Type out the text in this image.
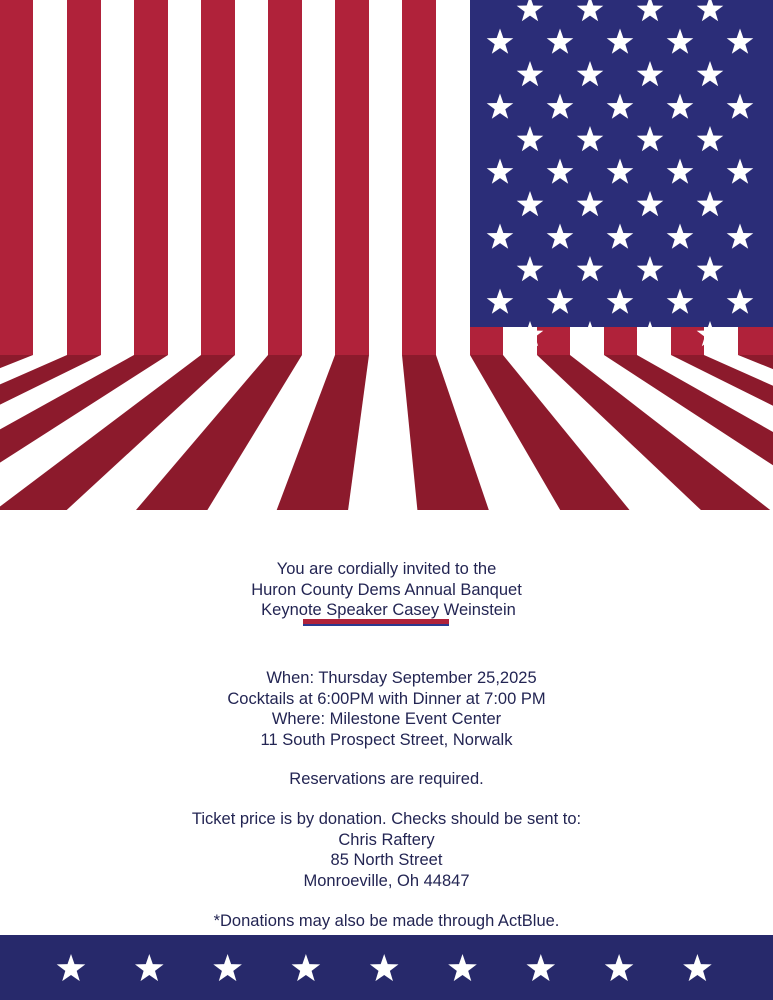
You are cordially invited to the
Huron County Dems Annual Banquet
Keynote Speaker Casey Weinstein
When: Thursday September 25,2025
Cocktails at 6:00PM with Dinner at 7:00 PM
Where: Milestone Event Center
11 South Prospect Street, Norwalk
Reservations are required.
Ticket price is by donation. Checks should be sent to:
Chris Raftery
85 North Street
Monroeville, Oh 44847
*Donations may also be made through ActBlue.
